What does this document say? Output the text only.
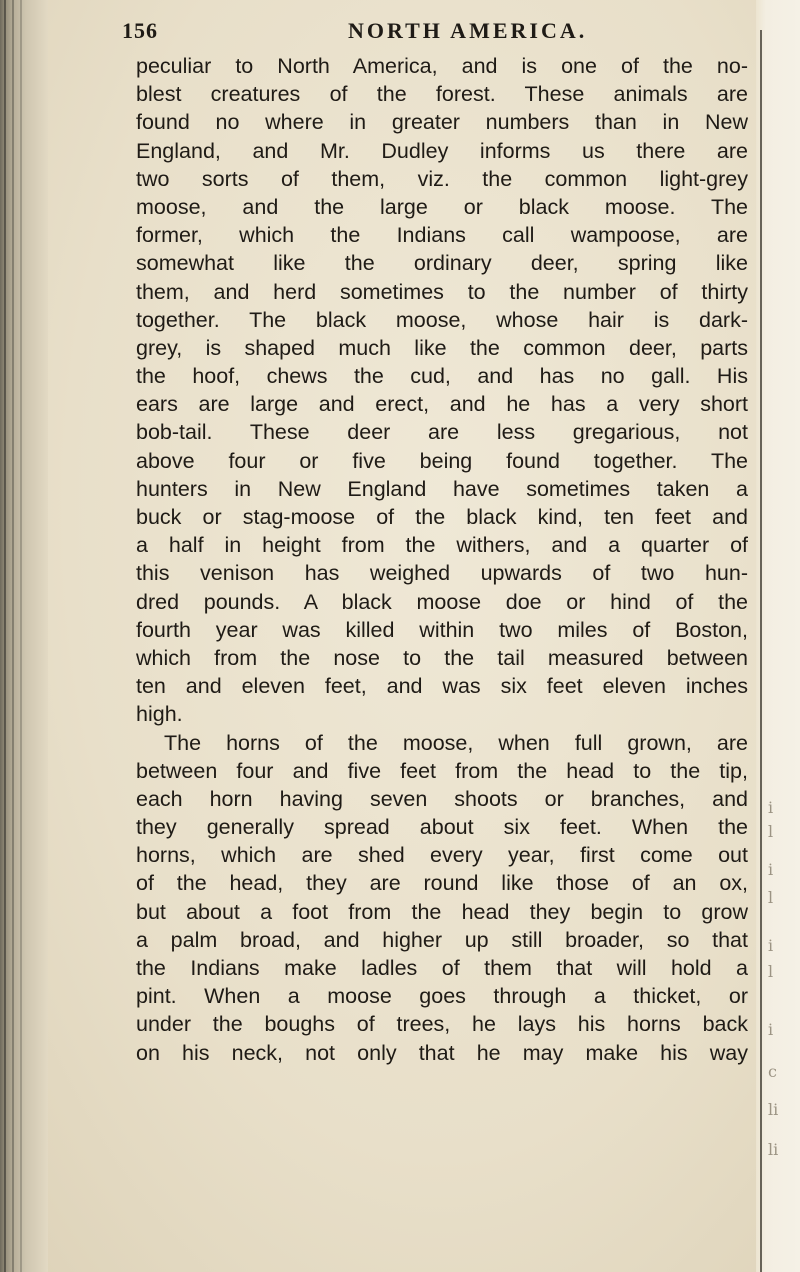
i
l
i
l
i
l
i
c
li
li
156	NORTH AMERICA.
peculiar to North America, and is one of the no-
blest creatures of the forest. These animals are
found no where in greater numbers than in New
England, and Mr. Dudley informs us there are
two sorts of them, viz. the common light-grey
moose, and the large or black moose. The
former, which the Indians call wampoose, are
somewhat like the ordinary deer, spring like
them, and herd sometimes to the number of thirty
together. The black moose, whose hair is dark-
grey, is shaped much like the common deer, parts
the hoof, chews the cud, and has no gall. His
ears are large and erect, and he has a very short
bob-tail. These deer are less gregarious, not
above four or five being found together. The
hunters in New England have sometimes taken a
buck or stag-moose of the black kind, ten feet and
a half in height from the withers, and a quarter of
this venison has weighed upwards of two hun-
dred pounds. A black moose doe or hind of the
fourth year was killed within two miles of Boston,
which from the nose to the tail measured between
ten and eleven feet, and was six feet eleven inches
high.
The horns of the moose, when full grown, are
between four and five feet from the head to the tip,
each horn having seven shoots or branches, and
they generally spread about six feet. When the
horns, which are shed every year, first come out
of the head, they are round like those of an ox,
but about a foot from the head they begin to grow
a palm broad, and higher up still broader, so that
the Indians make ladles of them that will hold a
pint. When a moose goes through a thicket, or
under the boughs of trees, he lays his horns back
on his neck, not only that he may make his way
